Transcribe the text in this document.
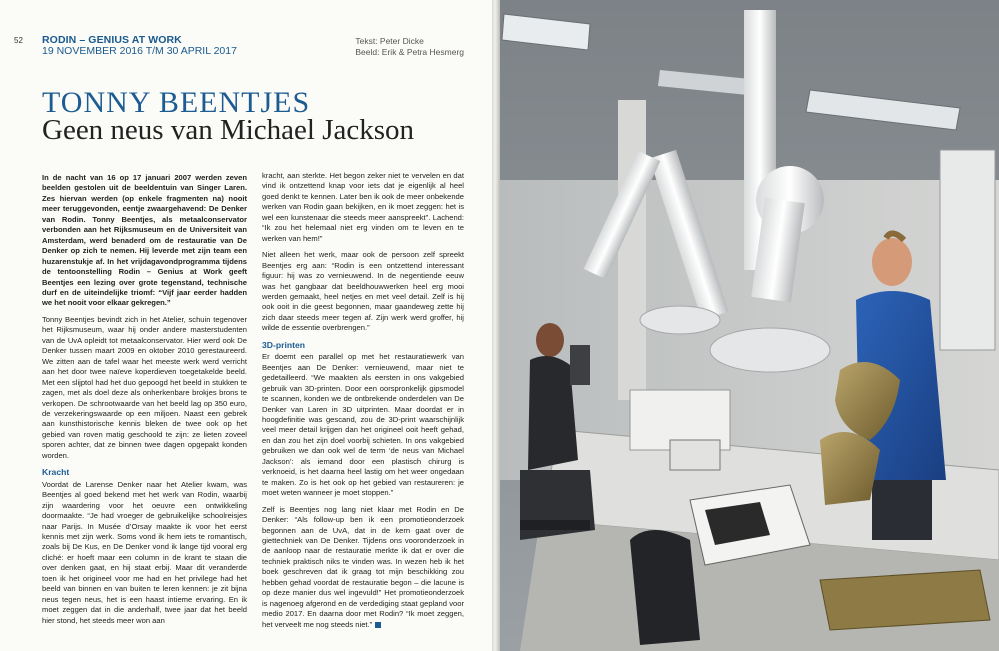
52 RODIN – GENIUS AT WORK
19 NOVEMBER 2016 T/M 30 APRIL 2017
Tekst: Peter Dicke
Beeld: Erik & Petra Hesmerg
TONNY BEENTJES
Geen neus van Michael Jackson

In de nacht van 16 op 17 januari 2007 werden zeven beelden gestolen uit de beeldentuin van Singer Laren. Zes hiervan werden (op enkele fragmenten na) nooit meer teruggevonden, eentje zwaargehavend: De Denker van Rodin. Tonny Beentjes, als metaalconservator verbonden aan het Rijksmuseum en de Universiteit van Amsterdam, werd benaderd om de restauratie van De Denker op zich te nemen. Hij leverde met zijn team een huzarenstukje af. In het vrijdagavondprogramma tijdens de tentoonstelling Rodin – Genius at Work geeft Beentjes een lezing over grote tegenstand, technische durf en de uiteindelijke triomf: “Vijf jaar eerder hadden we het nooit voor elkaar gekregen.”

Tonny Beentjes bevindt zich in het Atelier, schuin tegenover het Rijksmuseum, waar hij onder andere masterstudenten van de UvA opleidt tot metaalconservator. Hier werd ook De Denker tussen maart 2009 en oktober 2010 gerestaureerd. We zitten aan de tafel waar het meeste werk werd verricht aan het door twee naïeve koperdieven toegetakelde beeld. Met een slijptol had het duo gepoogd het beeld in stukken te zagen, met als doel deze als onherkenbare brokjes brons te verkopen. De schrootwaarde van het beeld lag op 350 euro, de verzekeringswaarde op een miljoen. Naast een gebrek aan kunsthistorische kennis bleken de twee ook op het gebied van roven matig geschoold te zijn: ze lieten zoveel sporen achter, dat ze binnen twee dagen opgepakt konden worden.

Kracht

Voordat de Larense Denker naar het Atelier kwam, was Beentjes al goed bekend met het werk van Rodin, waarbij zijn waardering voor het oeuvre een ontwikkeling doormaakte. “Je had vroeger de gebruikelijke schoolreisjes naar Parijs. In Musée d’Orsay maakte ik voor het eerst kennis met zijn werk. Soms vond ik hem iets te romantisch, zoals bij De Kus, en De Denker vond ik lange tijd vooral erg cliché: er hoeft maar een column in de krant te staan die over denken gaat, en hij staat erbij. Maar dit veranderde toen ik het origineel voor me had en het privilege had het beeld van binnen en van buiten te leren kennen: je zit bijna neus tegen neus, het is een haast intieme ervaring. En ik moet zeggen dat in die anderhalf, twee jaar dat het beeld hier stond, het steeds meer won aan

kracht, aan sterkte. Het begon zeker niet te vervelen en dat vind ik ontzettend knap voor iets dat je eigenlijk al heel goed denkt te kennen. Later ben ik ook de meer onbekende werken van Rodin gaan bekijken, en ik moet zeggen: het is wel een kunstenaar die steeds meer aanspreekt”. Lachend: “Ik zou het helemaal niet erg vinden om te leven en te werken van hem!”

Niet alleen het werk, maar ook de persoon zelf spreekt Beentjes erg aan: “Rodin is een ontzettend interessant figuur: hij was zo vernieuwend. In de negentiende eeuw was het gangbaar dat beeldhouwwerken heel erg mooi werden gemaakt, heel netjes en met veel detail. Zelf is hij ook ooit in die geest begonnen, maar gaandeweg zette hij zich daar steeds meer tegen af. Zijn werk werd groffer, hij wilde de essentie overbrengen.”

3D-printen

Er doemt een parallel op met het restauratiewerk van Beentjes aan De Denker: vernieuwend, maar niet te gedetailleerd. “We maakten als eersten in ons vakgebied gebruik van 3D-printen. Door een oorspronkelijk gipsmodel te scannen, konden we de ontbrekende onderdelen van De Denker van Laren in 3D uitprinten. Maar doordat er in hoogdefinitie was gescand, zou de 3D-print waarschijnlijk veel meer detail krijgen dan het origineel ooit heeft gehad, en dan zou het zijn doel voorbij schieten. In ons vakgebied gebruiken we dan ook wel de term ‘de neus van Michael Jackson’: als iemand door een plastisch chirurg is verknoeid, is het daarna heel lastig om het weer ongedaan te maken. Zo is het ook op het gebied van restaureren: je moet weten wanneer je moet stoppen.”

Zelf is Beentjes nog lang niet klaar met Rodin en De Denker: “Als follow-up ben ik een promotieonderzoek begonnen aan de UvA, dat in de kern gaat over de giettechniek van De Denker. Tijdens ons vooronderzoek in de aanloop naar de restauratie merkte ik dat er over die techniek praktisch niks te vinden was. In wezen heb ik het boek geschreven dat ik graag tot mijn beschikking zou hebben gehad voordat de restauratie begon – die lacune is op deze manier dus wel ingevuld!” Het promotieonderzoek is nagenoeg afgerond en de verdediging staat gepland voor medio 2017. En daarna door met Rodin? “Ik moet zeggen, het verveelt me nog steeds niet.”
